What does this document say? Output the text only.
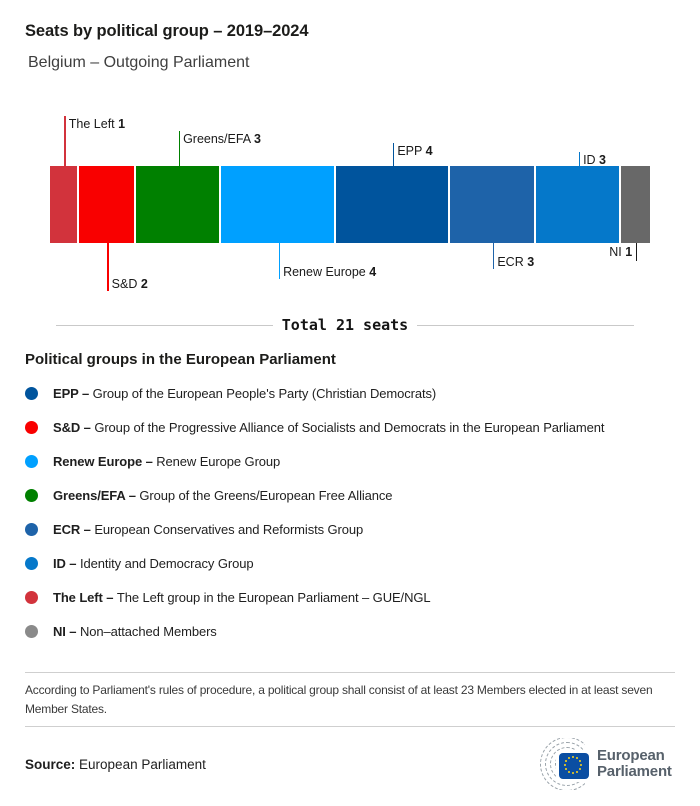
Seats by political group – 2019–2024
Belgium – Outgoing Parliament
The Left 1
S&D 2
Greens/EFA 3
Renew Europe 4
EPP 4
ECR 3
ID 3
NI 1
Total 21 seats
Political groups in the European Parliament
EPP – Group of the European People's Party (Christian Democrats)
S&D – Group of the Progressive Alliance of Socialists and Democrats in the European Parliament
Renew Europe – Renew Europe Group
Greens/EFA – Group of the Greens/European Free Alliance
ECR – European Conservatives and Reformists Group
ID – Identity and Democracy Group
The Left – The Left group in the European Parliament – GUE/NGL
NI – Non–attached Members

According to Parliament's rules of procedure, a political group shall consist of at least 23 Members elected in at least seven Member States.

Source: European Parliament	European
Parliament
